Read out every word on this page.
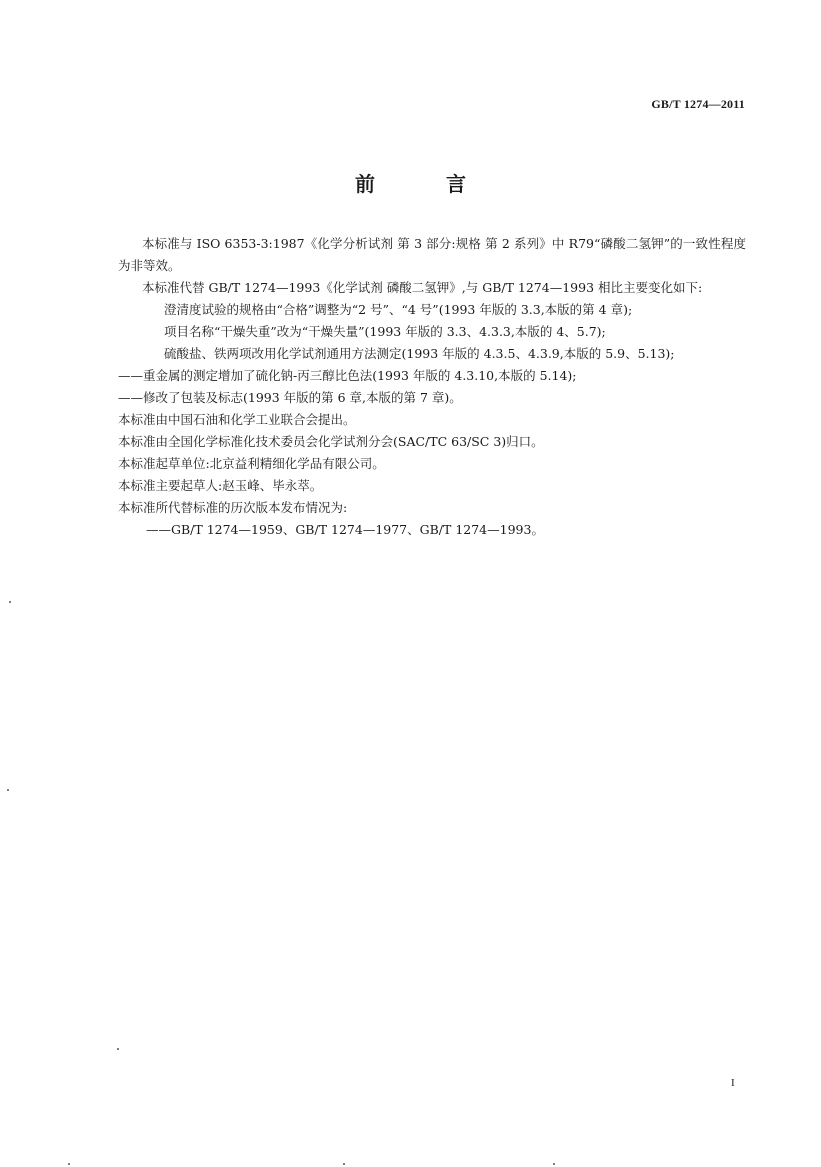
GB/T 1274—2011
前 言

本标准与 ISO 6353-3:1987《化学分析试剂 第 3 部分:规格 第 2 系列》中 R79“磷酸二氢钾”的一致性程度为非等效。

本标准代替 GB/T 1274—1993《化学试剂 磷酸二氢钾》,与 GB/T 1274—1993 相比主要变化如下:

澄清度试验的规格由“合格”调整为“2 号”、“4 号”(1993 年版的 3.3,本版的第 4 章);

项目名称“干燥失重”改为“干燥失量”(1993 年版的 3.3、4.3.3,本版的 4、5.7);

硫酸盐、铁两项改用化学试剂通用方法测定(1993 年版的 4.3.5、4.3.9,本版的 5.9、5.13);

——重金属的测定增加了硫化钠-丙三醇比色法(1993 年版的 4.3.10,本版的 5.14);

——修改了包装及标志(1993 年版的第 6 章,本版的第 7 章)。

本标准由中国石油和化学工业联合会提出。

本标准由全国化学标准化技术委员会化学试剂分会(SAC/TC 63/SC 3)归口。

本标准起草单位:北京益利精细化学品有限公司。

本标准主要起草人:赵玉峰、毕永萃。

本标准所代替标准的历次版本发布情况为:

——GB/T 1274—1959、GB/T 1274—1977、GB/T 1274—1993。

I
